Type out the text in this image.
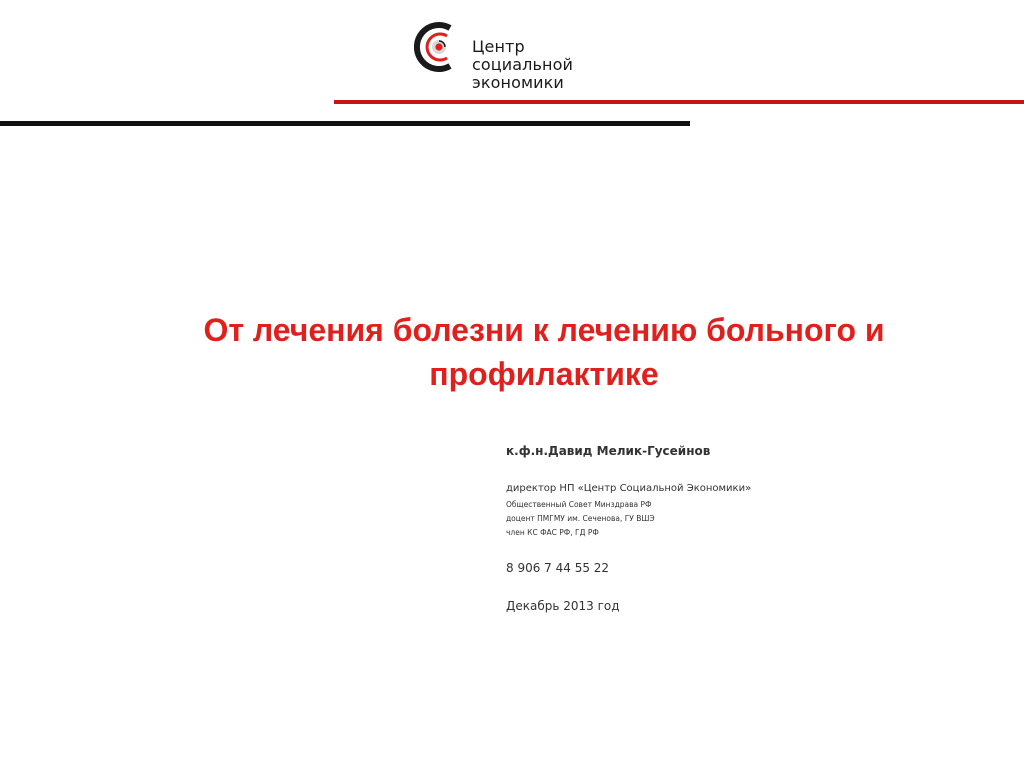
Центр
социальной
экономики
От лечения болезни к лечению больного и профилактике

к.ф.н.Давид Мелик-Гусейнов

директор НП «Центр Социальной Экономики»

Общественный Совет Минздрава РФ

доцент ПМГМУ им. Сеченова, ГУ ВШЭ

член КС ФАС РФ, ГД РФ

8 906 7 44 55 22

Декабрь 2013 год
